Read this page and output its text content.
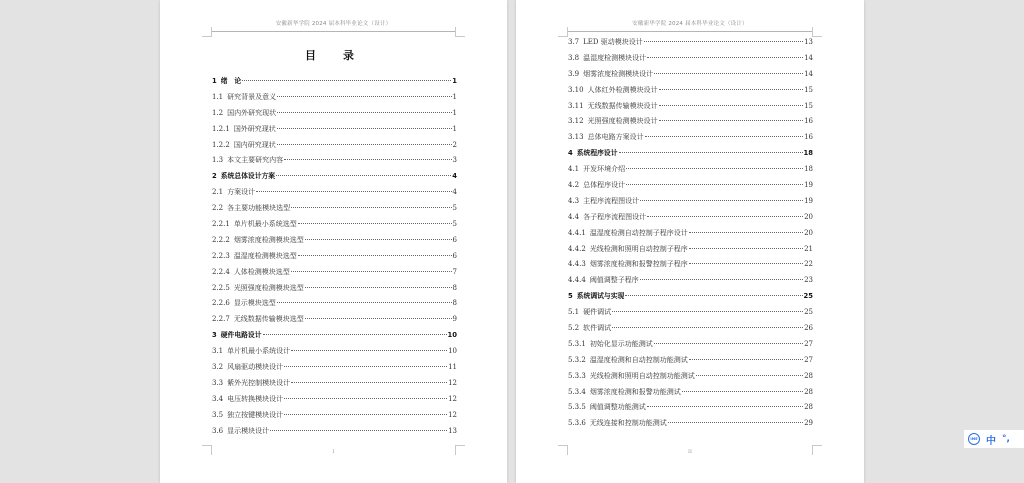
安徽新华学院 2024 届本科毕业论文（设计）
目　录
1 绪　论	1
1.1 研究背景及意义	1
1.2 国内外研究现状	1
1.2.1 国外研究现状	1
1.2.2 国内研究现状	2
1.3 本文主要研究内容	3
2 系统总体设计方案	4
2.1 方案设计	4
2.2 各主要功能模块选型	5
2.2.1 单片机最小系统选型	5
2.2.2 烟雾浓度检测模块选型	6
2.2.3 温湿度检测模块选型	6
2.2.4 人体检测模块选型	7
2.2.5 光照强度检测模块选型	8
2.2.6 显示模块选型	8
2.2.7 无线数据传输模块选型	9
3 硬件电路设计	10
3.1 单片机最小系统设计	10
3.2 风扇驱动模块设计	11
3.3 紫外光控制模块设计	12
3.4 电压转换模块设计	12
3.5 独立按键模块设计	12
3.6 显示模块设计	13
I
安徽新华学院 2024 届本科毕业论文（设计）
3.7 LED 驱动模块设计	13
3.8 温湿度检测模块设计	14
3.9 烟雾浓度检测模块设计	14
3.10 人体红外检测模块设计	15
3.11 无线数据传输模块设计	15
3.12 光照强度检测模块设计	16
3.13 总体电路方案设计	16
4 系统程序设计	18
4.1 开发环境介绍	18
4.2 总体程序设计	19
4.3 主程序流程图设计	19
4.4 各子程序流程图设计	20
4.4.1 温湿度检测自动控制子程序设计	20
4.4.2 光线检测和照明自动控制子程序	21
4.4.3 烟雾浓度检测和报警控制子程序	22
4.4.4 阈值调整子程序	23
5 系统调试与实现	25
5.1 硬件调试	25
5.2 软件调试	26
5.3.1 初始化显示功能测试	27
5.3.2 温湿度检测和自动控制功能测试	27
5.3.3 光线检测和照明自动控制功能测试	28
5.3.4 烟雾浓度检测和报警功能测试	28
5.3.5 阈值调整功能测试	28
5.3.6 无线连接和控制功能测试	29
II
IME 中 °,
